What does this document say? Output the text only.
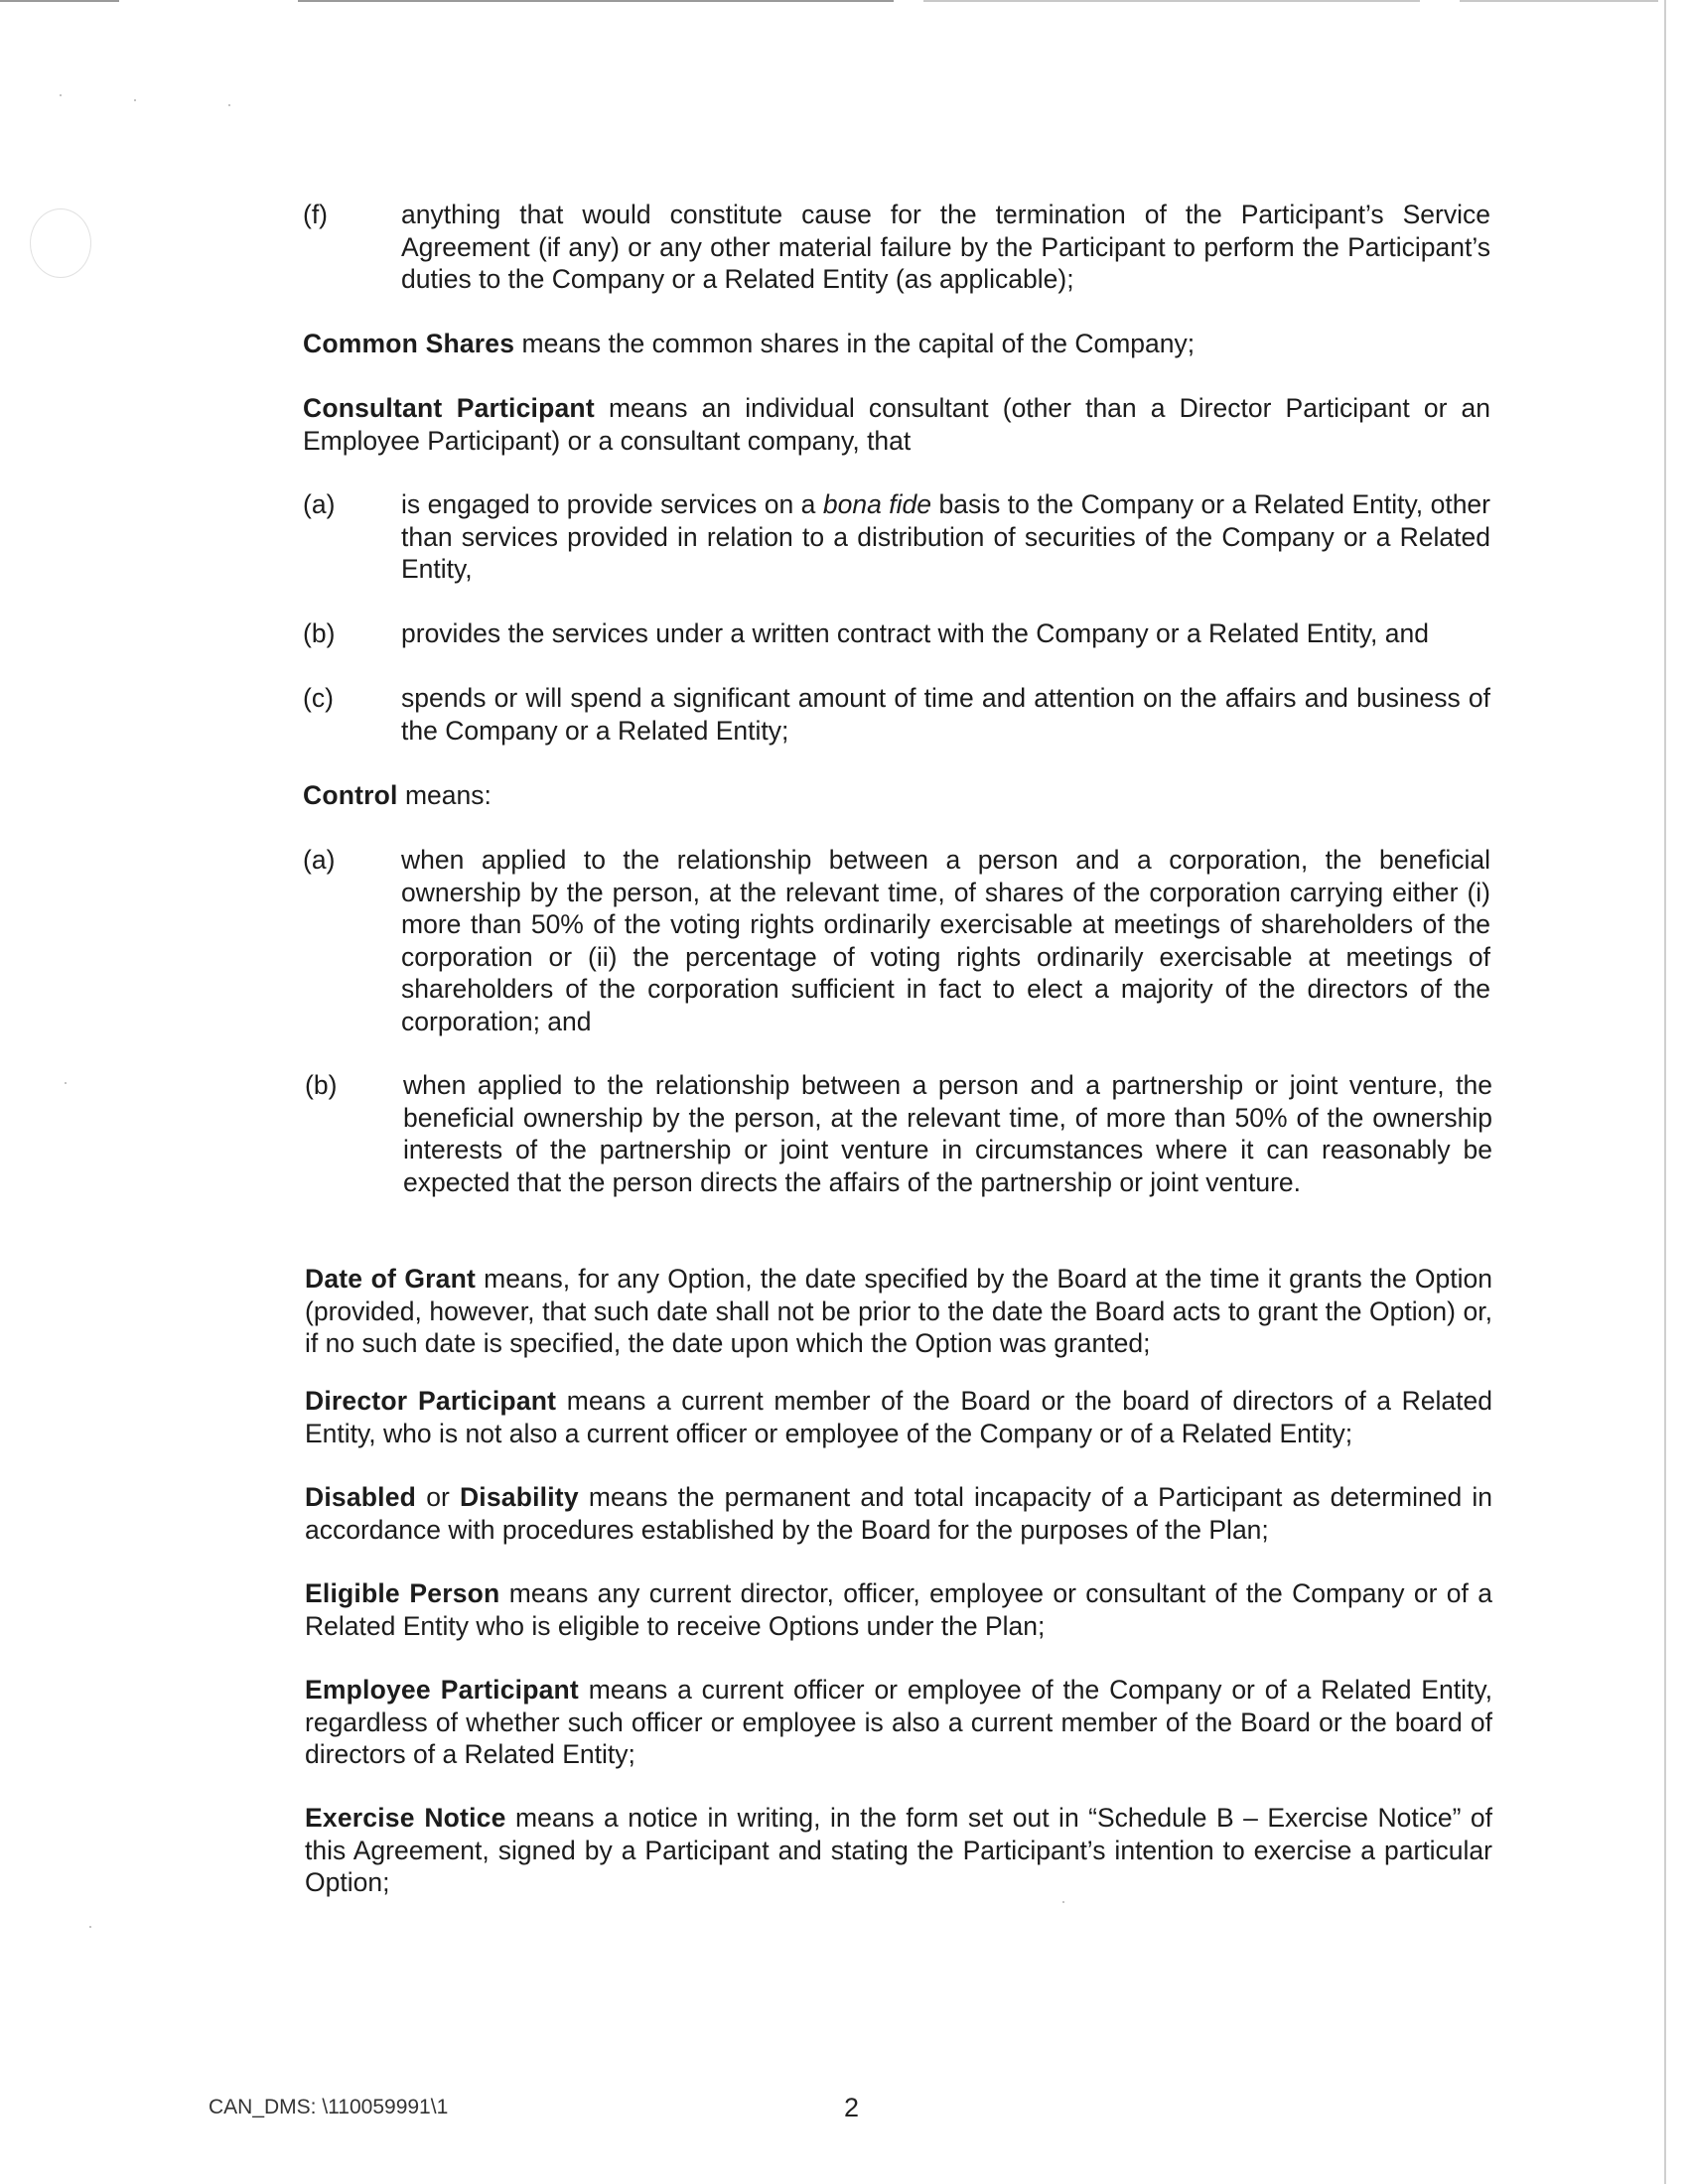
(f)	anything that would constitute cause for the termination of the Participant’s Service Agreement (if any) or any other material failure by the Participant to perform the Participant’s duties to the Company or a Related Entity (as applicable);
Common Shares means the common shares in the capital of the Company;
Consultant Participant means an individual consultant (other than a Director Participant or an Employee Participant) or a consultant company, that
(a)	is engaged to provide services on a bona fide basis to the Company or a Related Entity, other than services provided in relation to a distribution of securities of the Company or a Related Entity,
(b)	provides the services under a written contract with the Company or a Related Entity, and
(c)	spends or will spend a significant amount of time and attention on the affairs and business of the Company or a Related Entity;
Control means:
(a)	when applied to the relationship between a person and a corporation, the beneficial ownership by the person, at the relevant time, of shares of the corporation carrying either (i) more than 50% of the voting rights ordinarily exercisable at meetings of shareholders of the corporation or (ii) the percentage of voting rights ordinarily exercisable at meetings of shareholders of the corporation sufficient in fact to elect a majority of the directors of the corporation; and
(b)	when applied to the relationship between a person and a partnership or joint venture, the beneficial ownership by the person, at the relevant time, of more than 50% of the ownership interests of the partnership or joint venture in circumstances where it can reasonably be expected that the person directs the affairs of the partnership or joint venture.
Date of Grant means, for any Option, the date specified by the Board at the time it grants the Option (provided, however, that such date shall not be prior to the date the Board acts to grant the Option) or, if no such date is specified, the date upon which the Option was granted;
Director Participant means a current member of the Board or the board of directors of a Related Entity, who is not also a current officer or employee of the Company or of a Related Entity;
Disabled or Disability means the permanent and total incapacity of a Participant as determined in accordance with procedures established by the Board for the purposes of the Plan;
Eligible Person means any current director, officer, employee or consultant of the Company or of a Related Entity who is eligible to receive Options under the Plan;
Employee Participant means a current officer or employee of the Company or of a Related Entity, regardless of whether such officer or employee is also a current member of the Board or the board of directors of a Related Entity;
Exercise Notice means a notice in writing, in the form set out in “Schedule B – Exercise Notice” of this Agreement, signed by a Participant and stating the Participant’s intention to exercise a particular Option;
CAN_DMS: \110059991\1	2
